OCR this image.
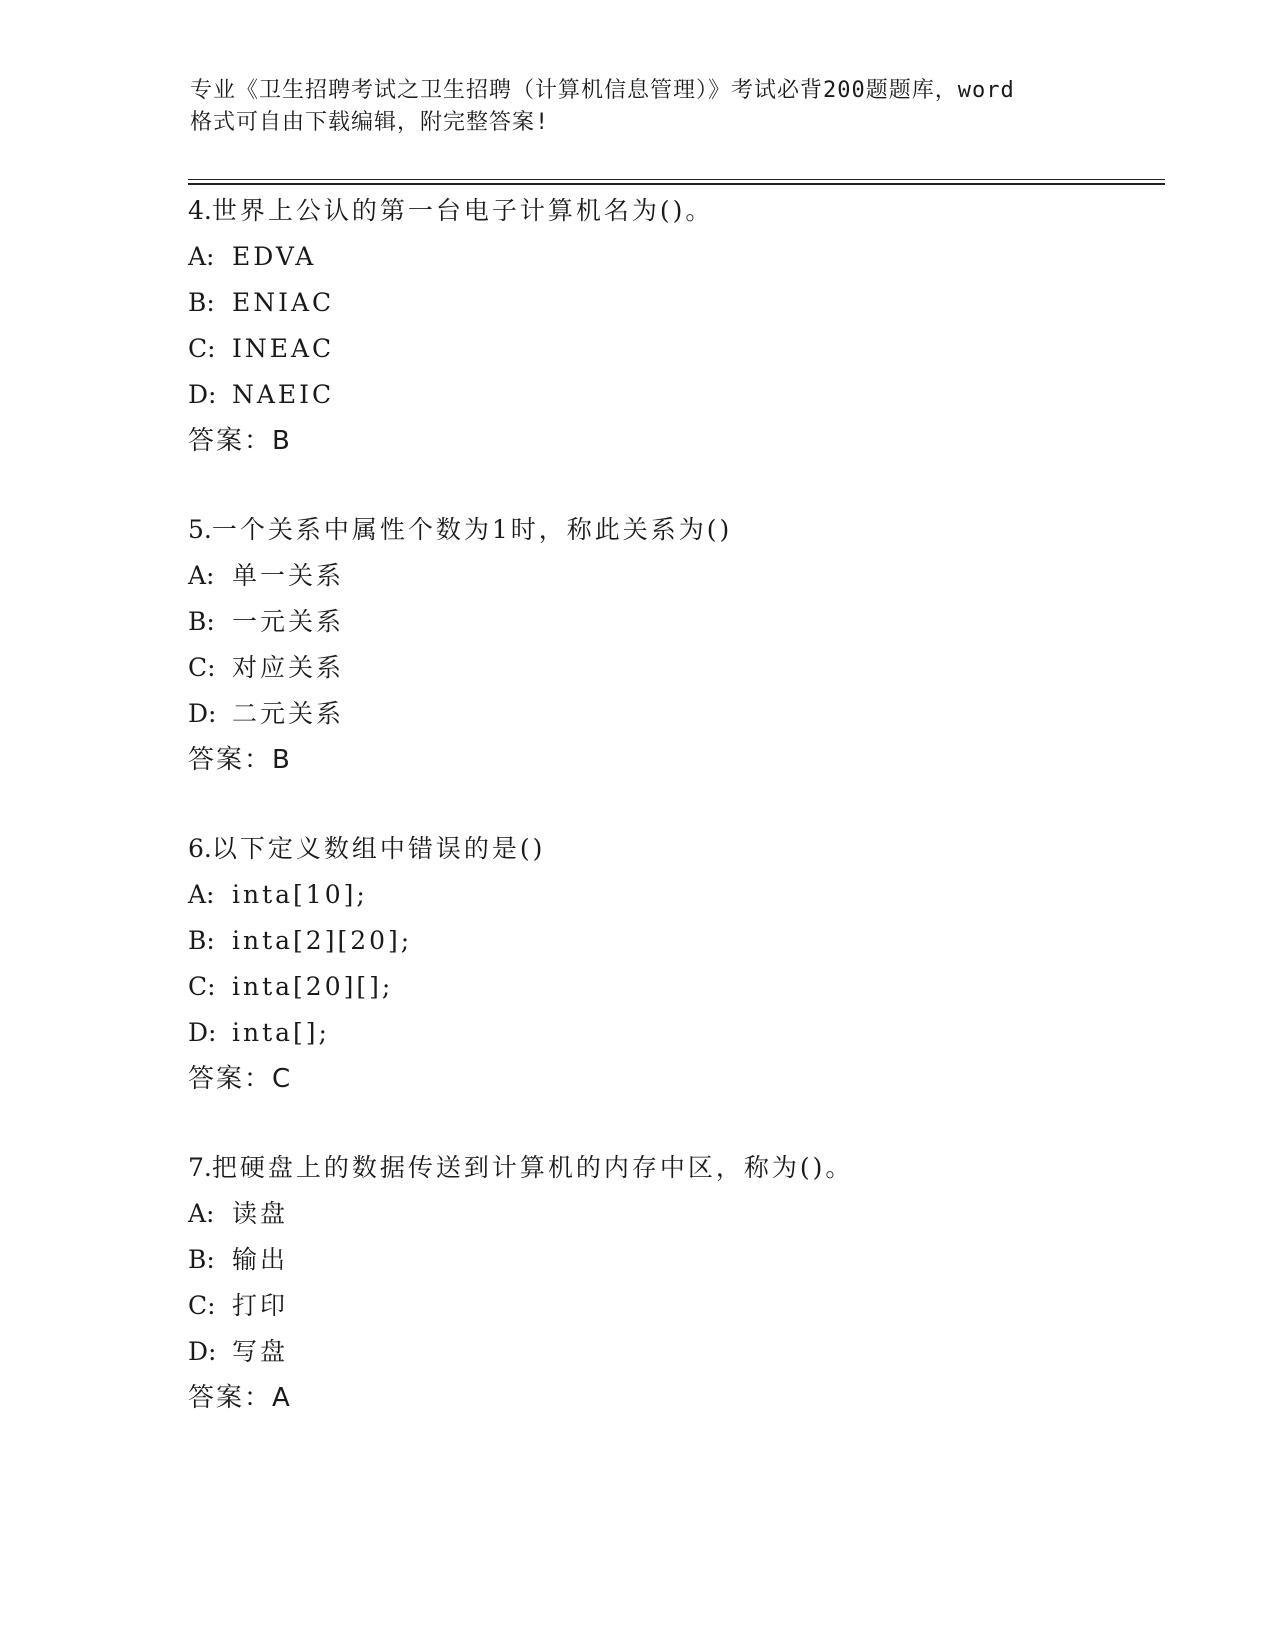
专业《卫生招聘考试之卫生招聘（计算机信息管理）》考试必背200题题库，word
格式可自由下载编辑，附完整答案!
4.世界上公认的第一台电子计算机名为()。
A: EDVA
B: ENIAC
C: INEAC
D: NAEIC
答案：B
5.一个关系中属性个数为1时，称此关系为()
A: 单一关系
B: 一元关系
C: 对应关系
D: 二元关系
答案：B
6.以下定义数组中错误的是()
A: inta[10];
B: inta[2][20];
C: inta[20][];
D: inta[];
答案：C
7.把硬盘上的数据传送到计算机的内存中区，称为()。
A: 读盘
B: 输出
C: 打印
D: 写盘
答案：A
